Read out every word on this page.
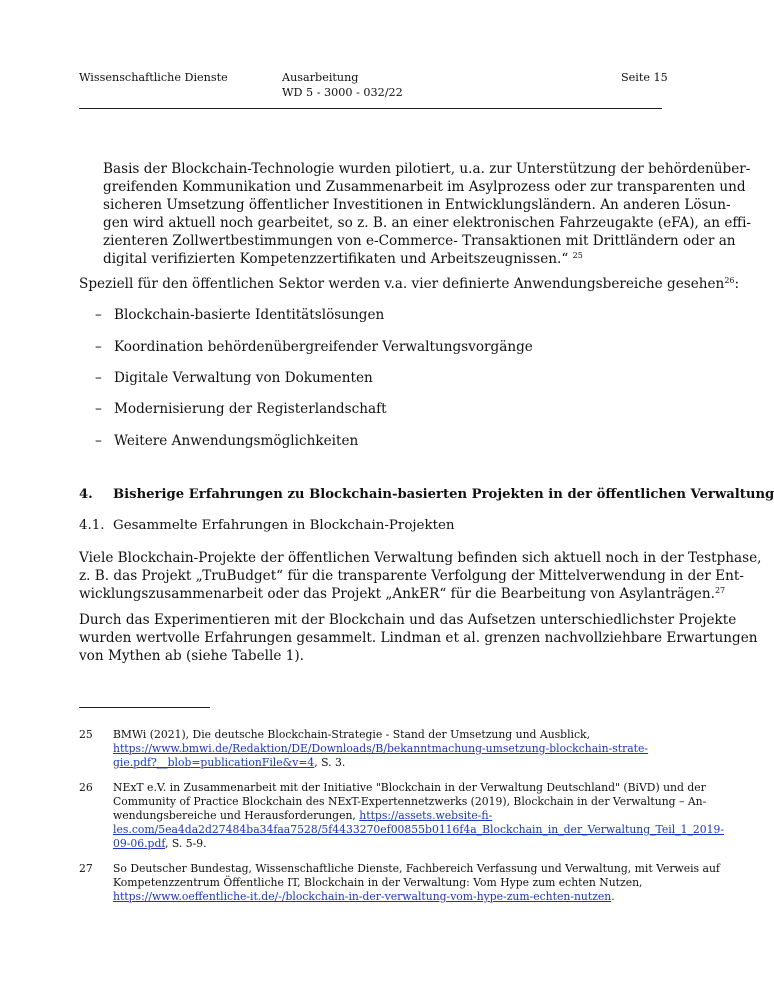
Wissenschaftliche Dienste	Ausarbeitung
WD 5 - 3000 - 032/22
Seite 15
Basis der Blockchain-Technologie wurden pilotiert, u.a. zur Unterstützung der behördenüber-
greifenden Kommunikation und Zusammenarbeit im Asylprozess oder zur transparenten und
sicheren Umsetzung öffentlicher Investitionen in Entwicklungsländern. An anderen Lösun-
gen wird aktuell noch gearbeitet, so z. B. an einer elektronischen Fahrzeugakte (eFA), an effi-
zienteren Zollwertbestimmungen von e-Commerce- Transaktionen mit Drittländern oder an
digital verifizierten Kompetenzzertifikaten und Arbeitszeugnissen.“ $^{25}$
Speziell für den öffentlichen Sektor werden v.a. vier definierte Anwendungsbereiche gesehen$^{26}$:
– Blockchain-basierte Identitätslösungen
– Koordination behördenübergreifender Verwaltungsvorgänge
– Digitale Verwaltung von Dokumenten
– Modernisierung der Registerlandschaft
– Weitere Anwendungsmöglichkeiten
4. Bisherige Erfahrungen zu Blockchain-basierten Projekten in der öffentlichen Verwaltung
4.1. Gesammelte Erfahrungen in Blockchain-Projekten
Viele Blockchain-Projekte der öffentlichen Verwaltung befinden sich aktuell noch in der Testphase,
z. B. das Projekt „TruBudget“ für die transparente Verfolgung der Mittelverwendung in der Ent-
wicklungszusammenarbeit oder das Projekt „AnkER“ für die Bearbeitung von Asylanträgen.$^{27}$
Durch das Experimentieren mit der Blockchain und das Aufsetzen unterschiedlichster Projekte
wurden wertvolle Erfahrungen gesammelt. Lindman et al. grenzen nachvollziehbare Erwartungen
von Mythen ab (siehe Tabelle 1).
25 BMWi (2021), Die deutsche Blockchain-Strategie - Stand der Umsetzung und Ausblick,
https://www.bmwi.de/Redaktion/DE/Downloads/B/bekanntmachung-umsetzung-blockchain-strate-
gie.pdf?__blob=publicationFile&v=4, S. 3.
26 NExT e.V. in Zusammenarbeit mit der Initiative "Blockchain in der Verwaltung Deutschland" (BiVD) und der
Community of Practice Blockchain des NExT-Expertennetzwerks (2019), Blockchain in der Verwaltung – An-
wendungsbereiche und Herausforderungen, https://assets.website-fi-
les.com/5ea4da2d27484ba34faa7528/5f4433270ef00855b0116f4a_Blockchain_in_der_Verwaltung_Teil_1_2019-
09-06.pdf, S. 5-9.
27 So Deutscher Bundestag, Wissenschaftliche Dienste, Fachbereich Verfassung und Verwaltung, mit Verweis auf
Kompetenzzentrum Öffentliche IT, Blockchain in der Verwaltung: Vom Hype zum echten Nutzen,
https://www.oeffentliche-it.de/-/blockchain-in-der-verwaltung-vom-hype-zum-echten-nutzen.
